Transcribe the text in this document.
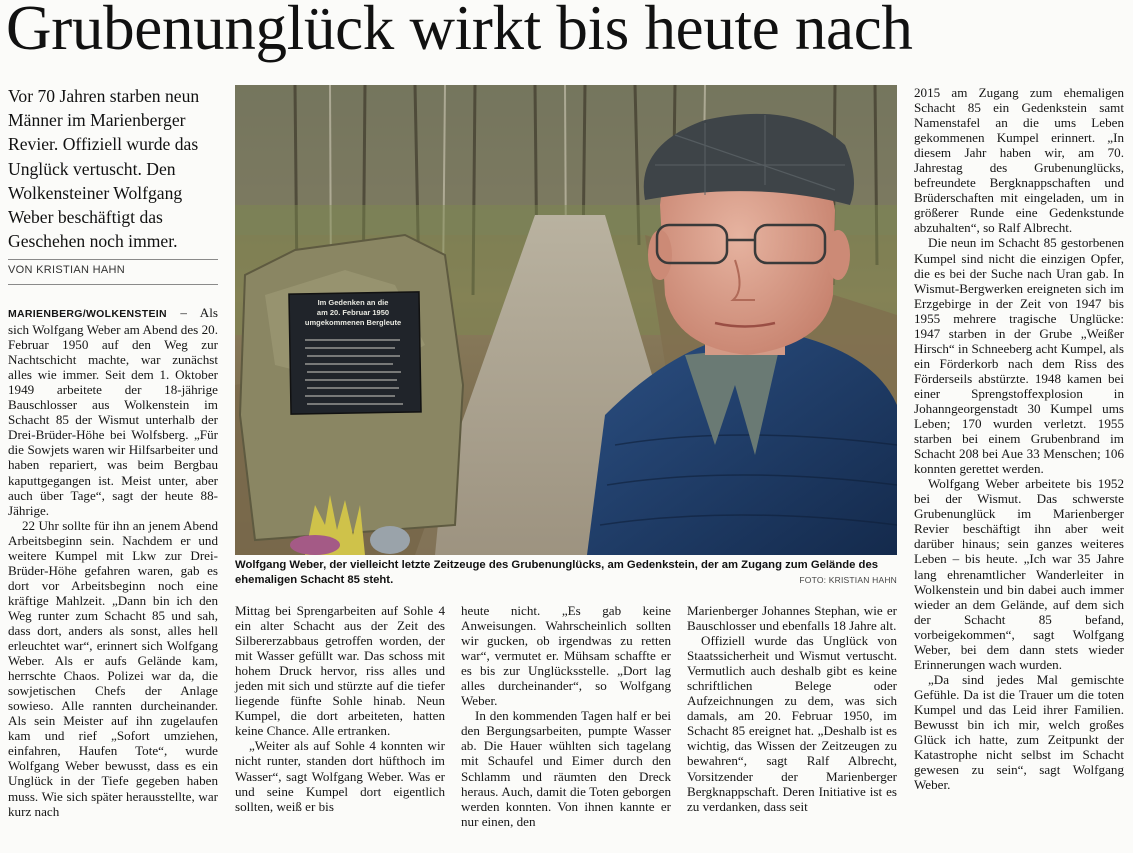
Grubenunglück wirkt bis heute nach
Vor 70 Jahren starben neun Männer im Marienberger Revier. Offiziell wurde das Unglück vertuscht. Den Wolkensteiner Wolfgang Weber beschäftigt das Geschehen noch immer.
VON KRISTIAN HAHN

MARIENBERG/WOLKENSTEIN – Als sich Wolfgang Weber am Abend des 20. Februar 1950 auf den Weg zur Nachtschicht machte, war zunächst alles wie immer. Seit dem 1. Oktober 1949 arbeitete der 18-jährige Bauschlosser aus Wolkenstein im Schacht 85 der Wismut unterhalb der Drei-Brüder-Höhe bei Wolfsberg. „Für die Sowjets waren wir Hilfsarbeiter und haben repariert, was beim Bergbau kaputtgegangen ist. Meist unter, aber auch über Tage“, sagt der heute 88-Jährige.

22 Uhr sollte für ihn an jenem Abend Arbeitsbeginn sein. Nachdem er und weitere Kumpel mit Lkw zur Drei-Brüder-Höhe gefahren waren, gab es dort vor Arbeitsbeginn noch eine kräftige Mahlzeit. „Dann bin ich den Weg runter zum Schacht 85 und sah, dass dort, anders als sonst, alles hell erleuchtet war“, erinnert sich Wolfgang Weber. Als er aufs Gelände kam, herrschte Chaos. Polizei war da, die sowjetischen Chefs der Anlage sowieso. Alle rannten durcheinander. Als sein Meister auf ihn zugelaufen kam und rief „Sofort umziehen, einfahren, Haufen Tote“, wurde Wolfgang Weber bewusst, dass es ein Unglück in der Tiefe gegeben haben muss. Wie sich später herausstellte, war kurz nach

Im Gedenken an die
am 20. Februar 1950
umgekommenen Bergleute
Wolfgang Weber, der vielleicht letzte Zeitzeuge des Grubenunglücks, am Gedenkstein, der am Zugang zum Gelände des ehemaligen Schacht 85 steht.	FOTO: KRISTIAN HAHN

Mittag bei Sprengarbeiten auf Sohle 4 ein alter Schacht aus der Zeit des Silbererzabbaus getroffen worden, der mit Wasser gefüllt war. Das schoss mit hohem Druck hervor, riss alles und jeden mit sich und stürzte auf die tiefer liegende fünfte Sohle hinab. Neun Kumpel, die dort arbeiteten, hatten keine Chance. Alle ertranken.

„Weiter als auf Sohle 4 konnten wir nicht runter, standen dort hüfthoch im Wasser“, sagt Wolfgang Weber. Was er und seine Kumpel dort eigentlich sollten, weiß er bis

heute nicht. „Es gab keine Anweisungen. Wahrscheinlich sollten wir gucken, ob irgendwas zu retten war“, vermutet er. Mühsam schaffte er es bis zur Unglücksstelle. „Dort lag alles durcheinander“, so Wolfgang Weber.

In den kommenden Tagen half er bei den Bergungsarbeiten, pumpte Wasser ab. Die Hauer wühlten sich tagelang mit Schaufel und Eimer durch den Schlamm und räumten den Dreck heraus. Auch, damit die Toten geborgen werden konnten. Von ihnen kannte er nur einen, den

Marienberger Johannes Stephan, wie er Bauschlosser und ebenfalls 18 Jahre alt.

Offiziell wurde das Unglück von Staatssicherheit und Wismut vertuscht. Vermutlich auch deshalb gibt es keine schriftlichen Belege oder Aufzeichnungen zu dem, was sich damals, am 20. Februar 1950, im Schacht 85 ereignet hat. „Deshalb ist es wichtig, das Wissen der Zeitzeugen zu bewahren“, sagt Ralf Albrecht, Vorsitzender der Marienberger Bergknappschaft. Deren Initiative ist es zu verdanken, dass seit

2015 am Zugang zum ehemaligen Schacht 85 ein Gedenkstein samt Namenstafel an die ums Leben gekommenen Kumpel erinnert. „In diesem Jahr haben wir, am 70. Jahrestag des Grubenunglücks, befreundete Bergknappschaften und Brüderschaften mit eingeladen, um in größerer Runde eine Gedenkstunde abzuhalten“, so Ralf Albrecht.

Die neun im Schacht 85 gestorbenen Kumpel sind nicht die einzigen Opfer, die es bei der Suche nach Uran gab. In Wismut-Bergwerken ereigneten sich im Erzgebirge in der Zeit von 1947 bis 1955 mehrere tragische Unglücke: 1947 starben in der Grube „Weißer Hirsch“ in Schneeberg acht Kumpel, als ein Förderkorb nach dem Riss des Förderseils abstürzte. 1948 kamen bei einer Sprengstoffexplosion in Johanngeorgenstadt 30 Kumpel ums Leben; 170 wurden verletzt. 1955 starben bei einem Grubenbrand im Schacht 208 bei Aue 33 Menschen; 106 konnten gerettet werden.

Wolfgang Weber arbeitete bis 1952 bei der Wismut. Das schwerste Grubenunglück im Marienberger Revier beschäftigt ihn aber weit darüber hinaus; sein ganzes weiteres Leben – bis heute. „Ich war 35 Jahre lang ehrenamtlicher Wanderleiter in Wolkenstein und bin dabei auch immer wieder an dem Gelände, auf dem sich der Schacht 85 befand, vorbeigekommen“, sagt Wolfgang Weber, bei dem dann stets wieder Erinnerungen wach wurden.

„Da sind jedes Mal gemischte Gefühle. Da ist die Trauer um die toten Kumpel und das Leid ihrer Familien. Bewusst bin ich mir, welch großes Glück ich hatte, zum Zeitpunkt der Katastrophe nicht selbst im Schacht gewesen zu sein“, sagt Wolfgang Weber.
